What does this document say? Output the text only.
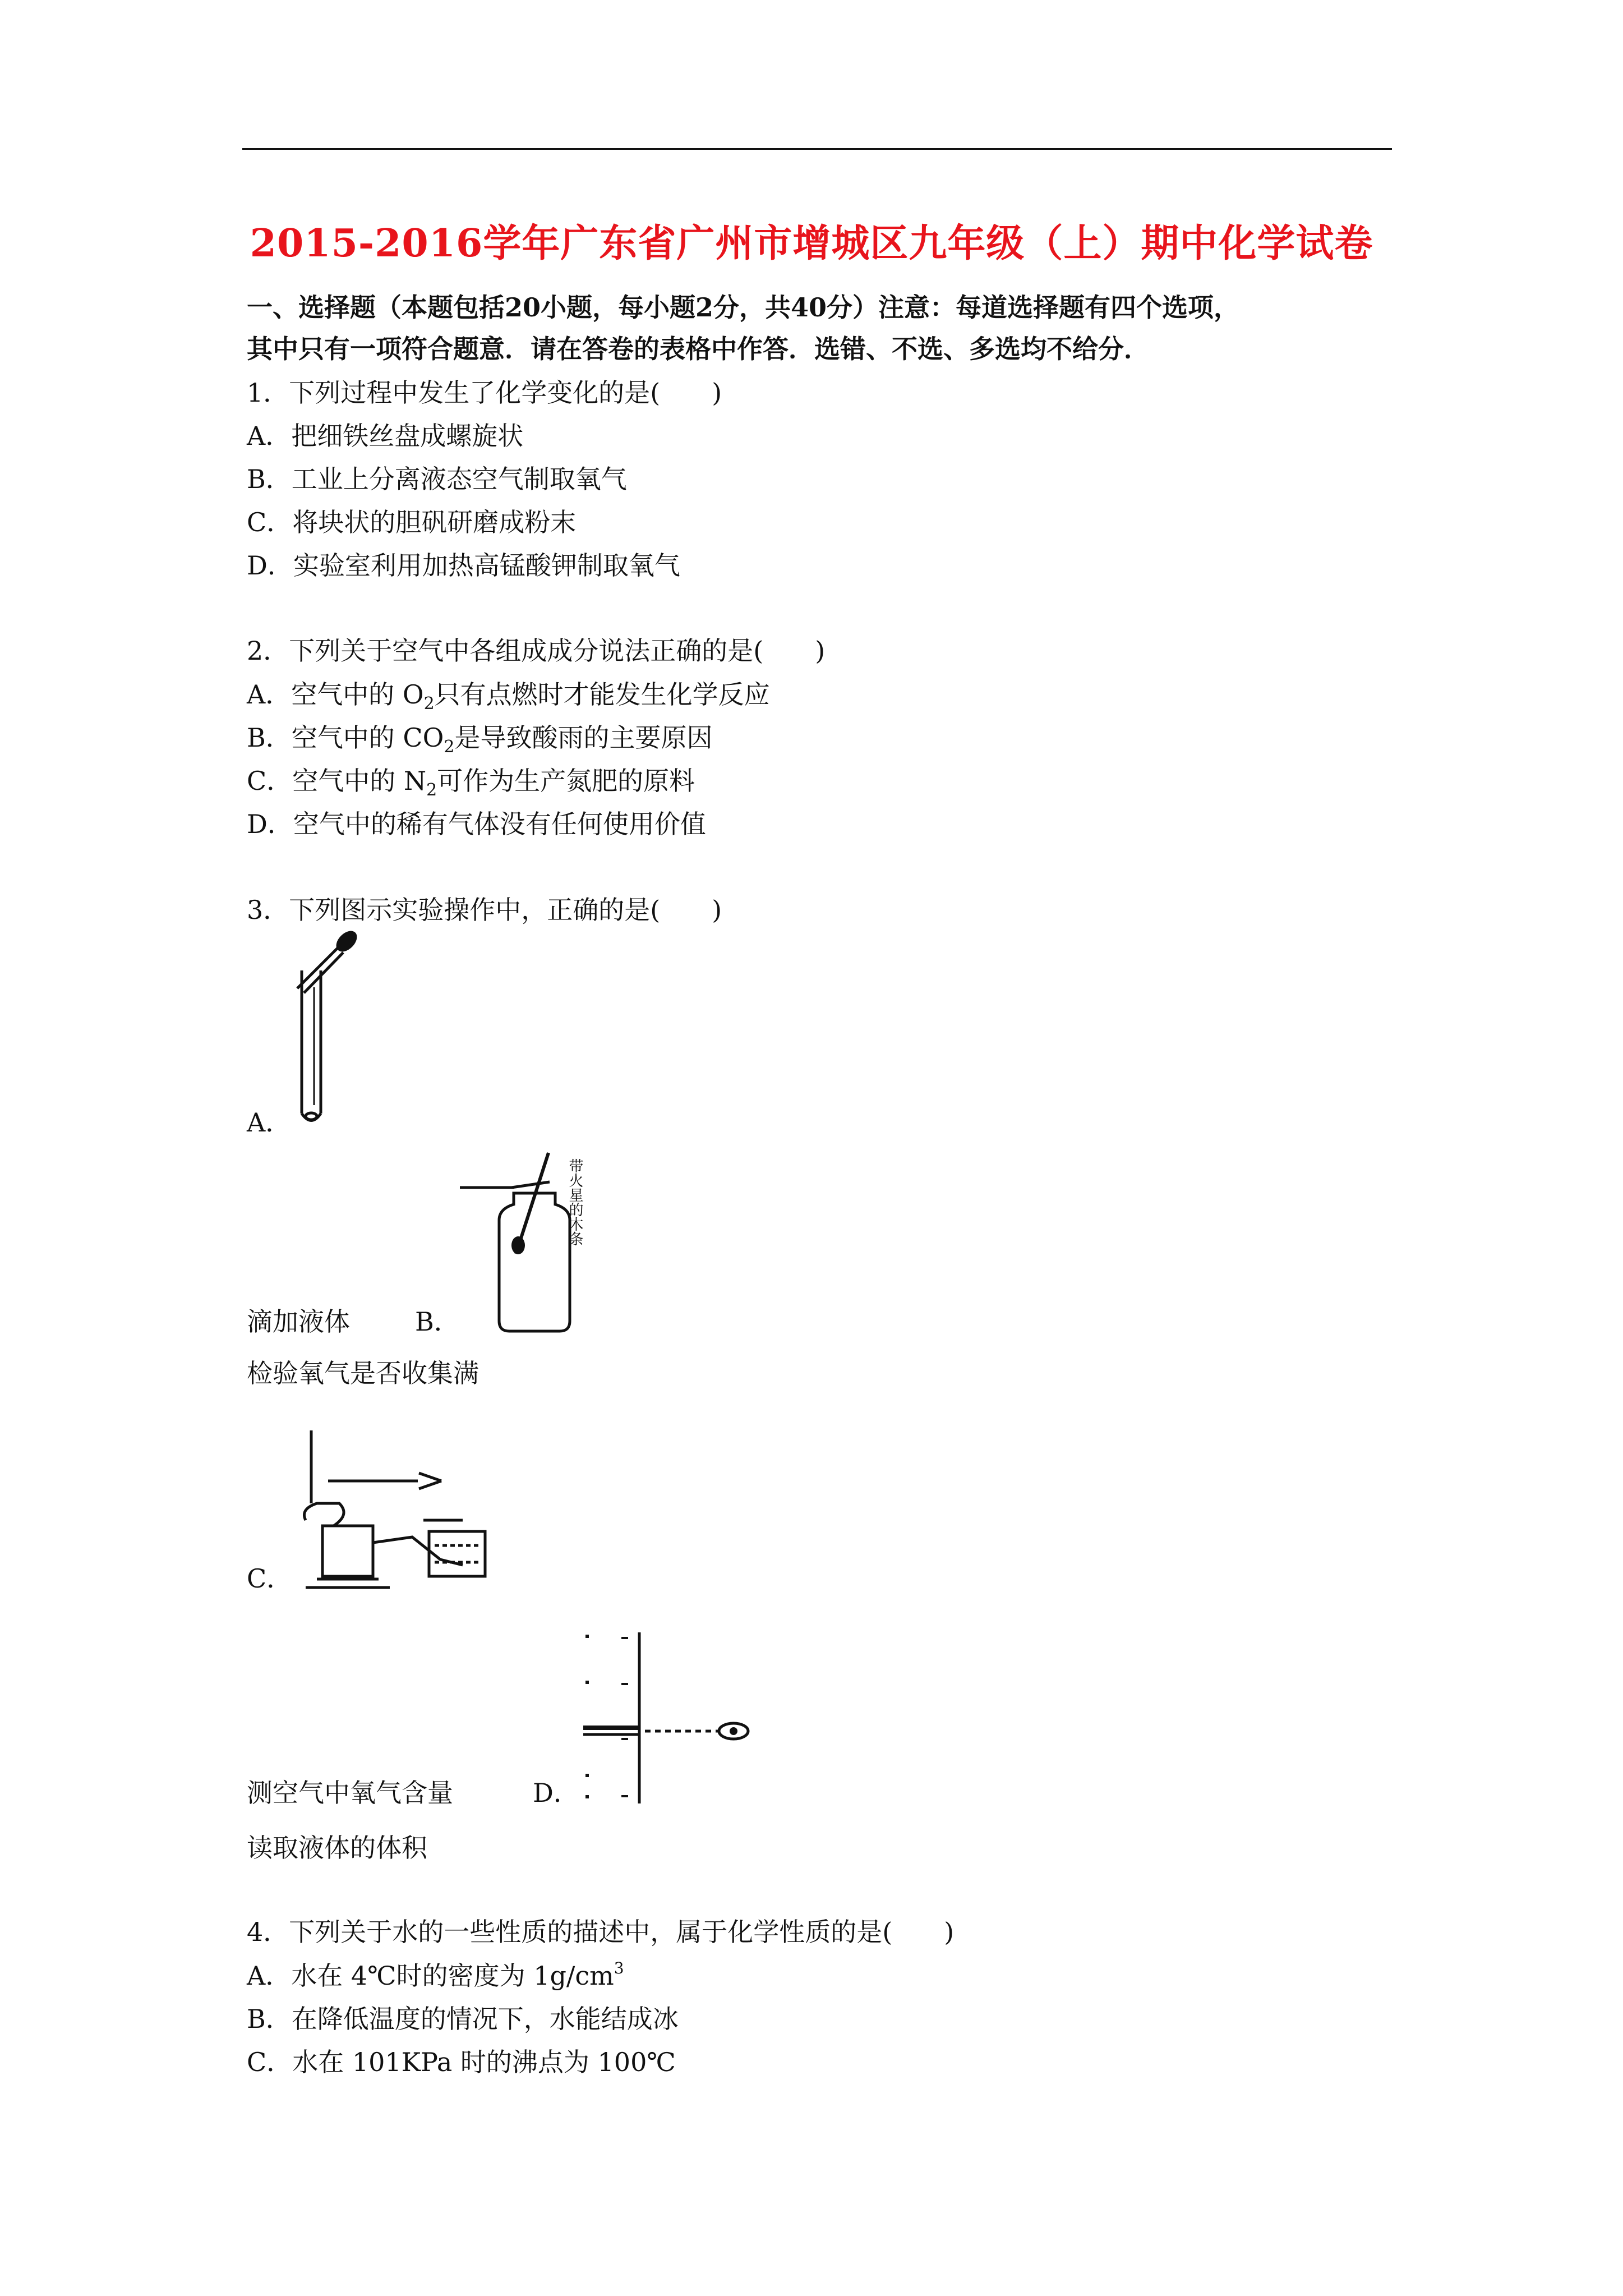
2015-2016学年广东省广州市增城区九年级（上）期中化学试卷
一、选择题（本题包括20小题，每小题2分，共40分）注意：每道选择题有四个选项，
其中只有一项符合题意．请在答卷的表格中作答．选错、不选、多选均不给分．
1．下列过程中发生了化学变化的是(　　)
A．把细铁丝盘成螺旋状
B．工业上分离液态空气制取氧气
C．将块状的胆矾研磨成粉末
D．实验室利用加热高锰酸钾制取氧气
2．下列关于空气中各组成成分说法正确的是(　　)
A．空气中的 $O_2$只有点燃时才能发生化学反应
B．空气中的 $CO_2$是导致酸雨的主要原因
C．空气中的 $N_2$可作为生产氮肥的原料
D．空气中的稀有气体没有任何使用价值
3．下列图示实验操作中，正确的是(　　)
A．
带火星的木条
滴加液体	B．
检验氧气是否收集满
C．
测空气中氧气含量	D．
读取液体的体积
4．下列关于水的一些性质的描述中，属于化学性质的是(　　)
A．水在 4℃时的密度为 $1g/cm^3$
B．在降低温度的情况下，水能结成冰
C．水在 101KPa 时的沸点为 100℃
